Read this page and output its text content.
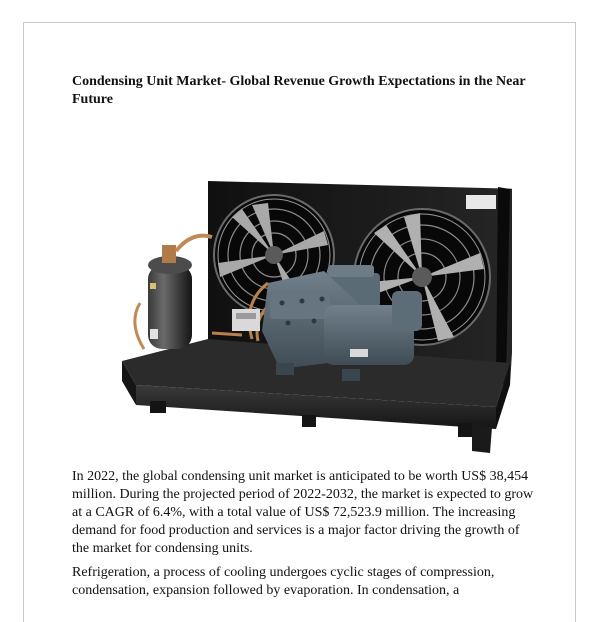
Condensing Unit Market- Global Revenue Growth Expectations in the Near Future

In 2022, the global condensing unit market is anticipated to be worth US$ 38,454 million. During the projected period of 2022-2032, the market is expected to grow at a CAGR of 6.4%, with a total value of US$ 72,523.9 million. The increasing demand for food production and services is a major factor driving the growth of the market for condensing units.

Refrigeration, a process of cooling undergoes cyclic stages of compression, condensation, expansion followed by evaporation. In condensation, a
